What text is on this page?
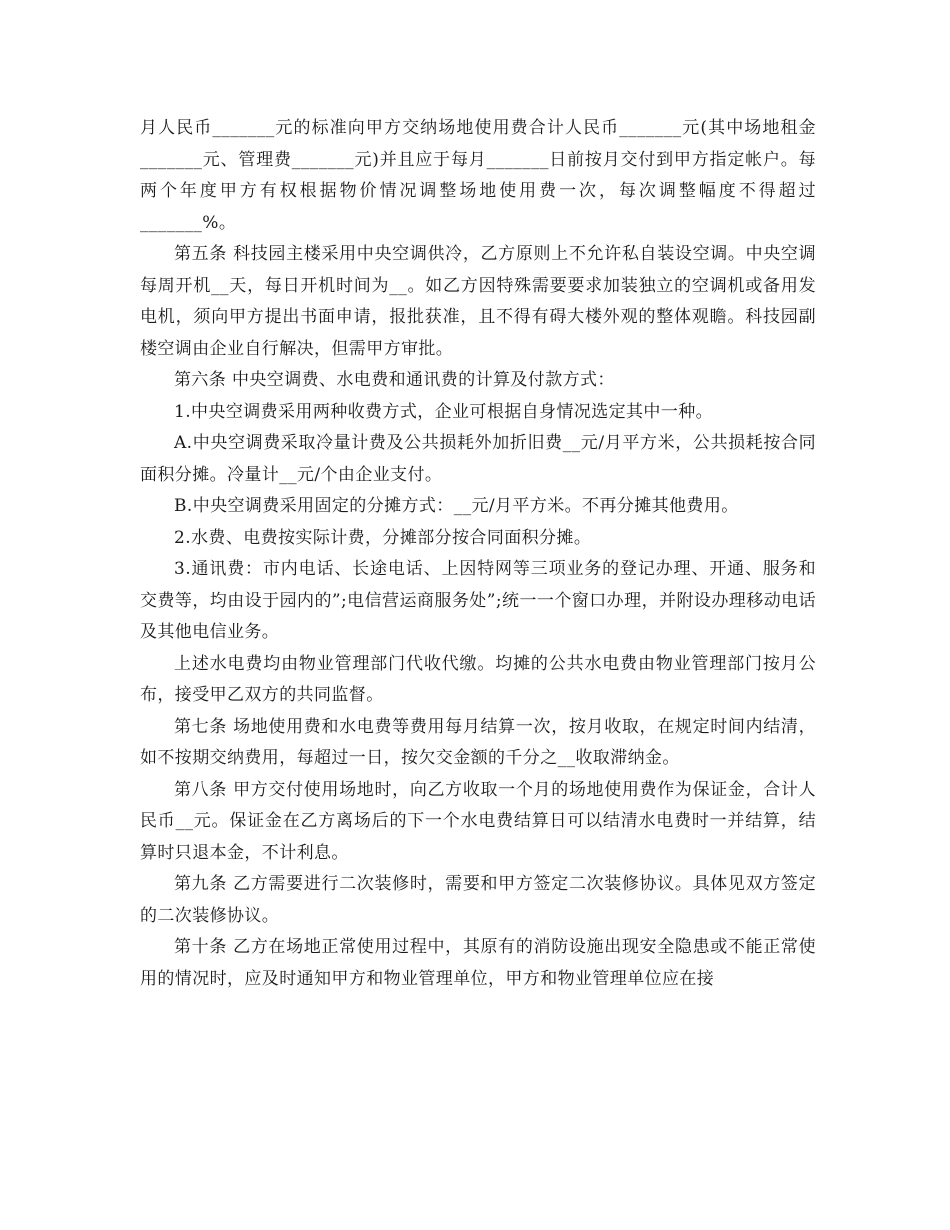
月人民币_______元的标准向甲方交纳场地使用费合计人民币_______元(其中场地租金_______元、管理费_______元)并且应于每月_______日前按月交付到甲方指定帐户。每两个年度甲方有权根据物价情况调整场地使用费一次，每次调整幅度不得超过_______%。

第五条 科技园主楼采用中央空调供冷，乙方原则上不允许私自装设空调。中央空调每周开机__天，每日开机时间为__。如乙方因特殊需要要求加装独立的空调机或备用发电机，须向甲方提出书面申请，报批获准，且不得有碍大楼外观的整体观瞻。科技园副楼空调由企业自行解决，但需甲方审批。

第六条 中央空调费、水电费和通讯费的计算及付款方式：

1.中央空调费采用两种收费方式，企业可根据自身情况选定其中一种。

A.中央空调费采取冷量计费及公共损耗外加折旧费__元/月平方米，公共损耗按合同面积分摊。冷量计__元/个由企业支付。

B.中央空调费采用固定的分摊方式：__元/月平方米。不再分摊其他费用。

2.水费、电费按实际计费，分摊部分按合同面积分摊。

3.通讯费：市内电话、长途电话、上因特网等三项业务的登记办理、开通、服务和交费等，均由设于园内的”;电信营运商服务处”;统一一个窗口办理，并附设办理移动电话及其他电信业务。

上述水电费均由物业管理部门代收代缴。均摊的公共水电费由物业管理部门按月公布，接受甲乙双方的共同监督。

第七条 场地使用费和水电费等费用每月结算一次，按月收取，在规定时间内结清，如不按期交纳费用，每超过一日，按欠交金额的千分之__收取滞纳金。

第八条 甲方交付使用场地时，向乙方收取一个月的场地使用费作为保证金，合计人民币__元。保证金在乙方离场后的下一个水电费结算日可以结清水电费时一并结算，结算时只退本金，不计利息。

第九条 乙方需要进行二次装修时，需要和甲方签定二次装修协议。具体见双方签定的二次装修协议。

第十条 乙方在场地正常使用过程中，其原有的消防设施出现安全隐患或不能正常使用的情况时，应及时通知甲方和物业管理单位，甲方和物业管理单位应在接
